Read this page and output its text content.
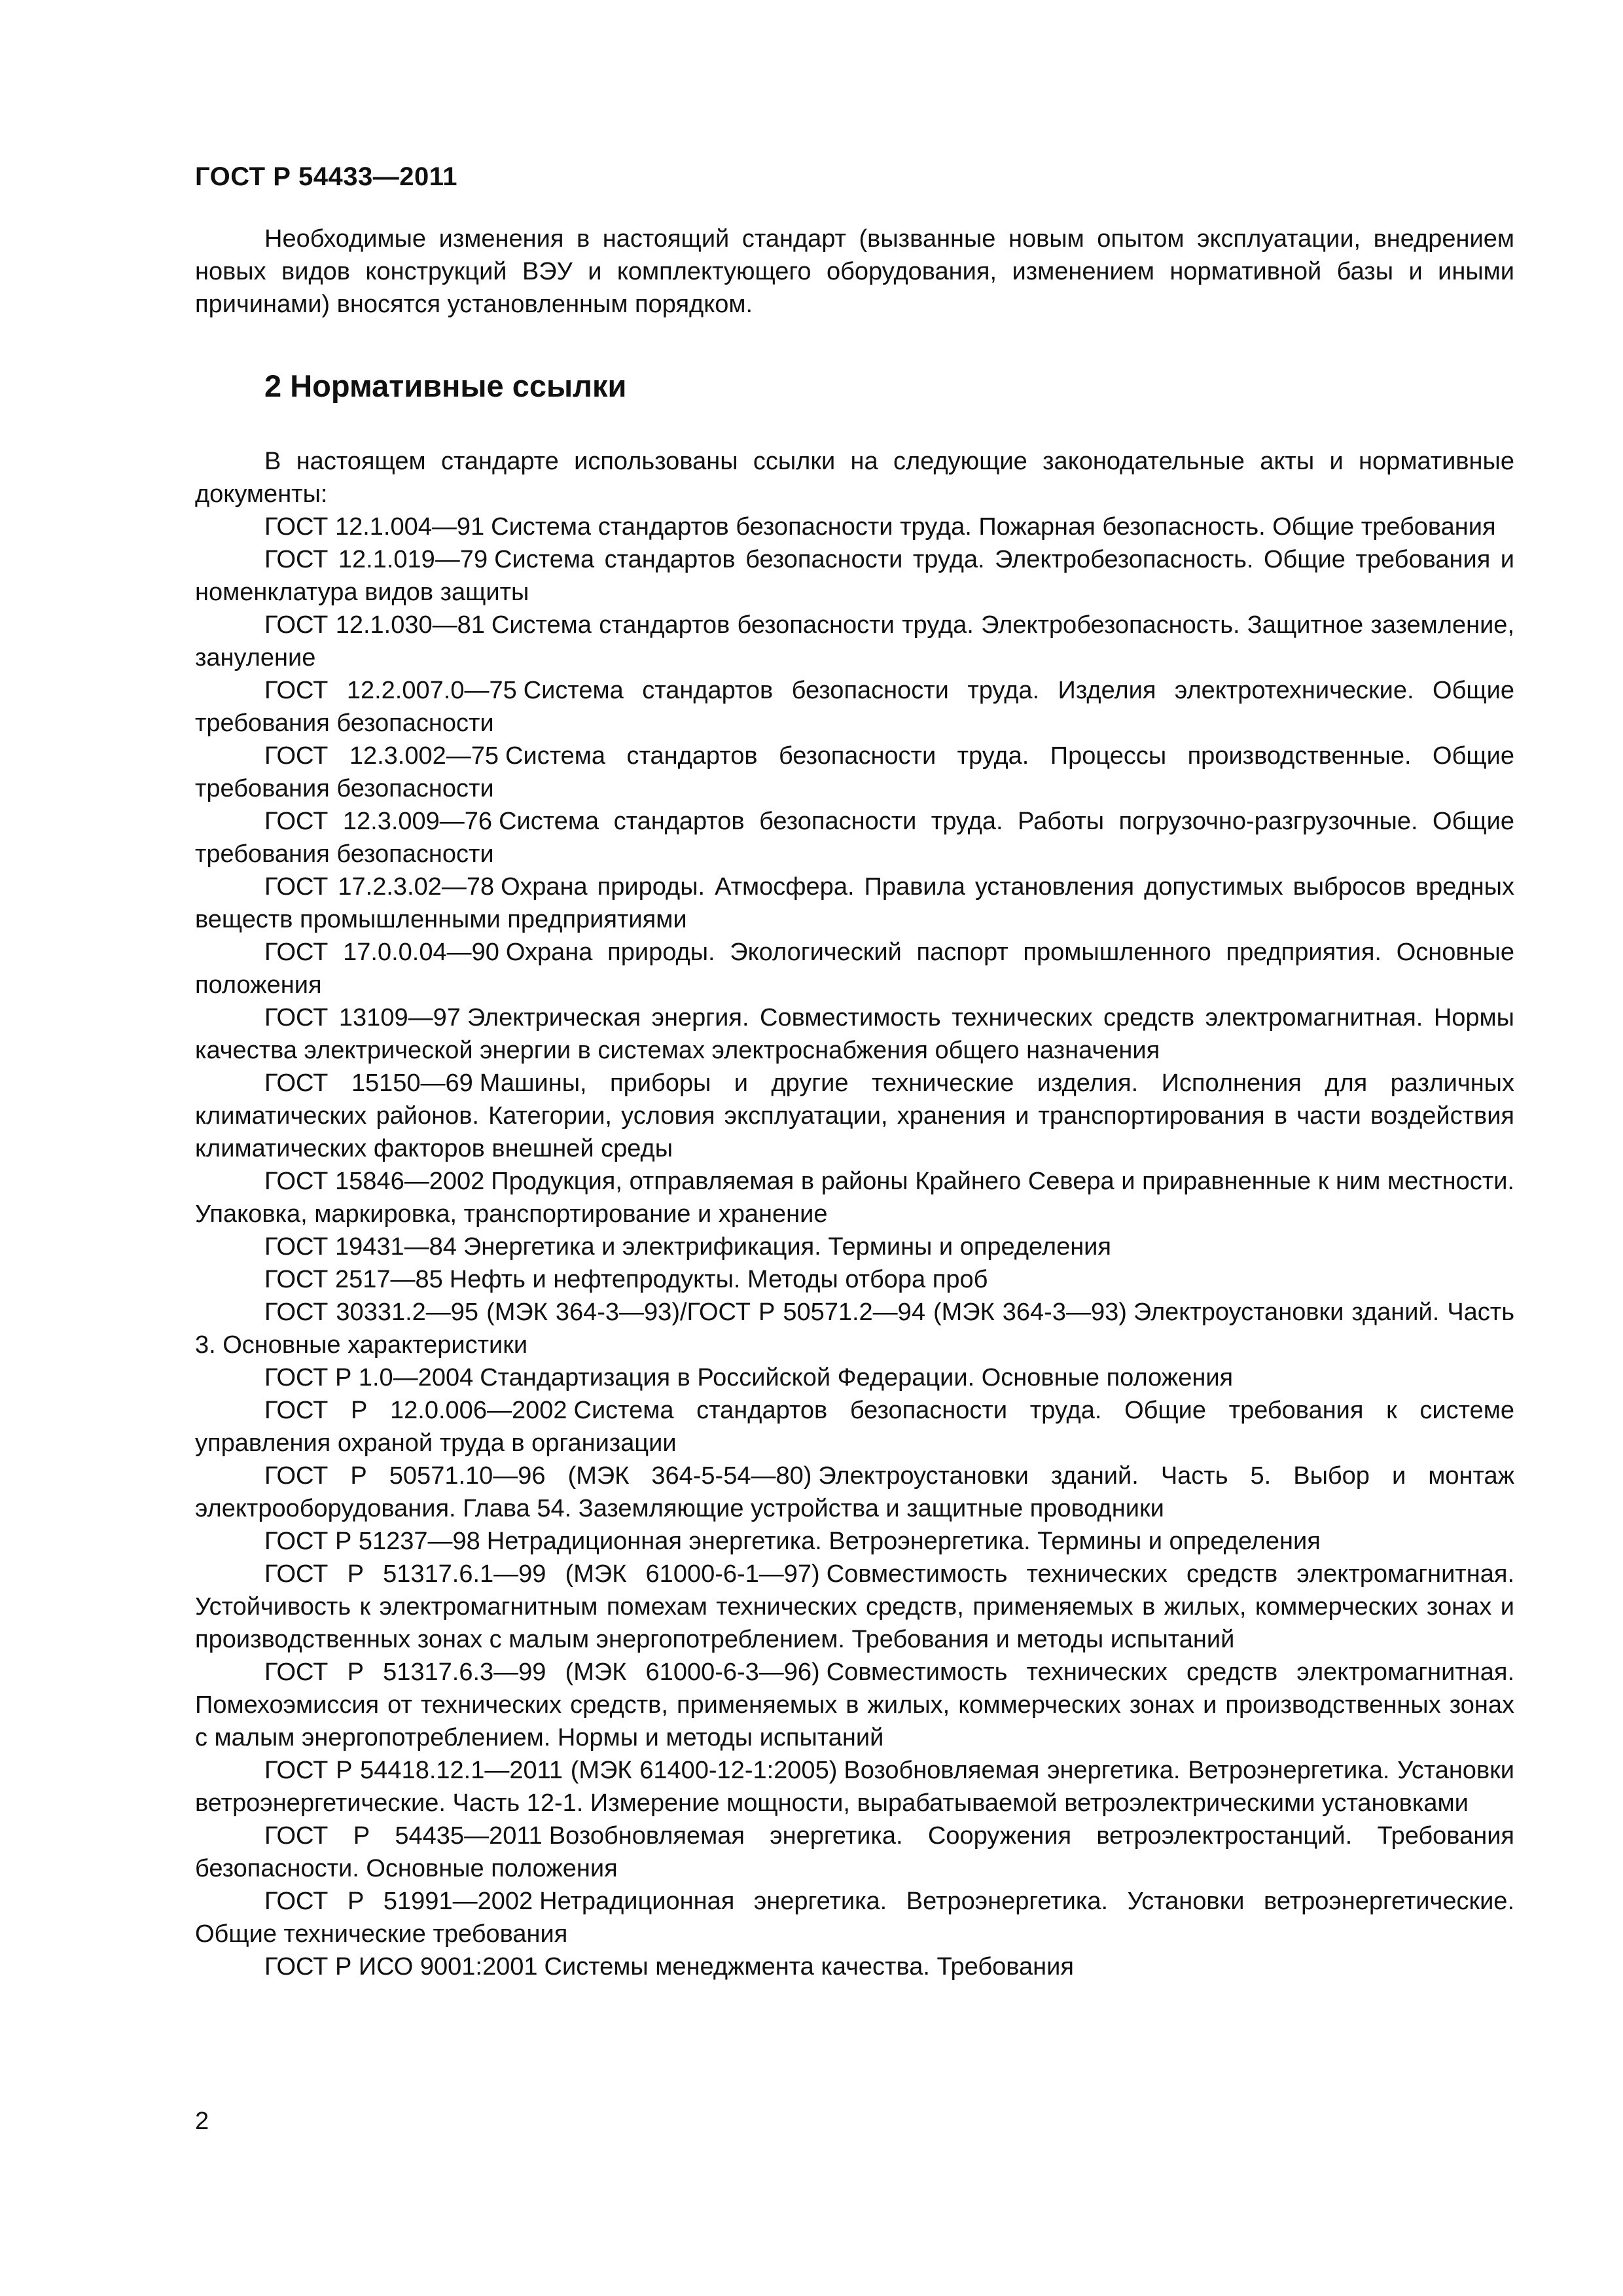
ГОСТ Р 54433—2011

Необходимые изменения в настоящий стандарт (вызванные новым опытом эксплуатации, внедрением новых видов конструкций ВЭУ и комплектующего оборудования, изменением нормативной базы и иными причинами) вносятся установленным порядком.

2 Нормативные ссылки

В настоящем стандарте использованы ссылки на следующие законодательные акты и нормативные документы:

ГОСТ 12.1.004—91 Система стандартов безопасности труда. Пожарная безопасность. Общие требования

ГОСТ 12.1.019—79 Система стандартов безопасности труда. Электробезопасность. Общие требования и номенклатура видов защиты

ГОСТ 12.1.030—81 Система стандартов безопасности труда. Электробезопасность. Защитное заземление, зануление

ГОСТ 12.2.007.0—75 Система стандартов безопасности труда. Изделия электротехнические. Общие требования безопасности

ГОСТ 12.3.002—75 Система стандартов безопасности труда. Процессы производственные. Общие требования безопасности

ГОСТ 12.3.009—76 Система стандартов безопасности труда. Работы погрузочно-разгрузочные. Общие требования безопасности

ГОСТ 17.2.3.02—78 Охрана природы. Атмосфера. Правила установления допустимых выбросов вредных веществ промышленными предприятиями

ГОСТ 17.0.0.04—90 Охрана природы. Экологический паспорт промышленного предприятия. Основные положения

ГОСТ 13109—97 Электрическая энергия. Совместимость технических средств электромагнитная. Нормы качества электрической энергии в системах электроснабжения общего назначения

ГОСТ 15150—69 Машины, приборы и другие технические изделия. Исполнения для различных климатических районов. Категории, условия эксплуатации, хранения и транспортирования в части воздействия климатических факторов внешней среды

ГОСТ 15846—2002 Продукция, отправляемая в районы Крайнего Севера и приравненные к ним местности. Упаковка, маркировка, транспортирование и хранение

ГОСТ 19431—84 Энергетика и электрификация. Термины и определения

ГОСТ 2517—85 Нефть и нефтепродукты. Методы отбора проб

ГОСТ 30331.2—95 (МЭК 364-3—93)/ГОСТ Р 50571.2—94 (МЭК 364-3—93) Электроустановки зданий. Часть 3. Основные характеристики

ГОСТ Р 1.0—2004 Стандартизация в Российской Федерации. Основные положения

ГОСТ Р 12.0.006—2002 Система стандартов безопасности труда. Общие требования к системе управления охраной труда в организации

ГОСТ Р 50571.10—96 (МЭК 364-5-54—80) Электроустановки зданий. Часть 5. Выбор и монтаж электрооборудования. Глава 54. Заземляющие устройства и защитные проводники

ГОСТ Р 51237—98 Нетрадиционная энергетика. Ветроэнергетика. Термины и определения

ГОСТ Р 51317.6.1—99 (МЭК 61000-6-1—97) Совместимость технических средств электромагнитная. Устойчивость к электромагнитным помехам технических средств, применяемых в жилых, коммерческих зонах и производственных зонах с малым энергопотреблением. Требования и методы испытаний

ГОСТ Р 51317.6.3—99 (МЭК 61000-6-3—96) Совместимость технических средств электромагнитная. Помехоэмиссия от технических средств, применяемых в жилых, коммерческих зонах и производственных зонах с малым энергопотреблением. Нормы и методы испытаний

ГОСТ Р 54418.12.1—2011 (МЭК 61400-12-1:2005) Возобновляемая энергетика. Ветроэнергетика. Установки ветроэнергетические. Часть 12-1. Измерение мощности, вырабатываемой ветроэлектрическими установками

ГОСТ Р 54435—2011 Возобновляемая энергетика. Сооружения ветроэлектростанций. Требования безопасности. Основные положения

ГОСТ Р 51991—2002 Нетрадиционная энергетика. Ветроэнергетика. Установки ветроэнергетические. Общие технические требования

ГОСТ Р ИСО 9001:2001 Системы менеджмента качества. Требования

2
